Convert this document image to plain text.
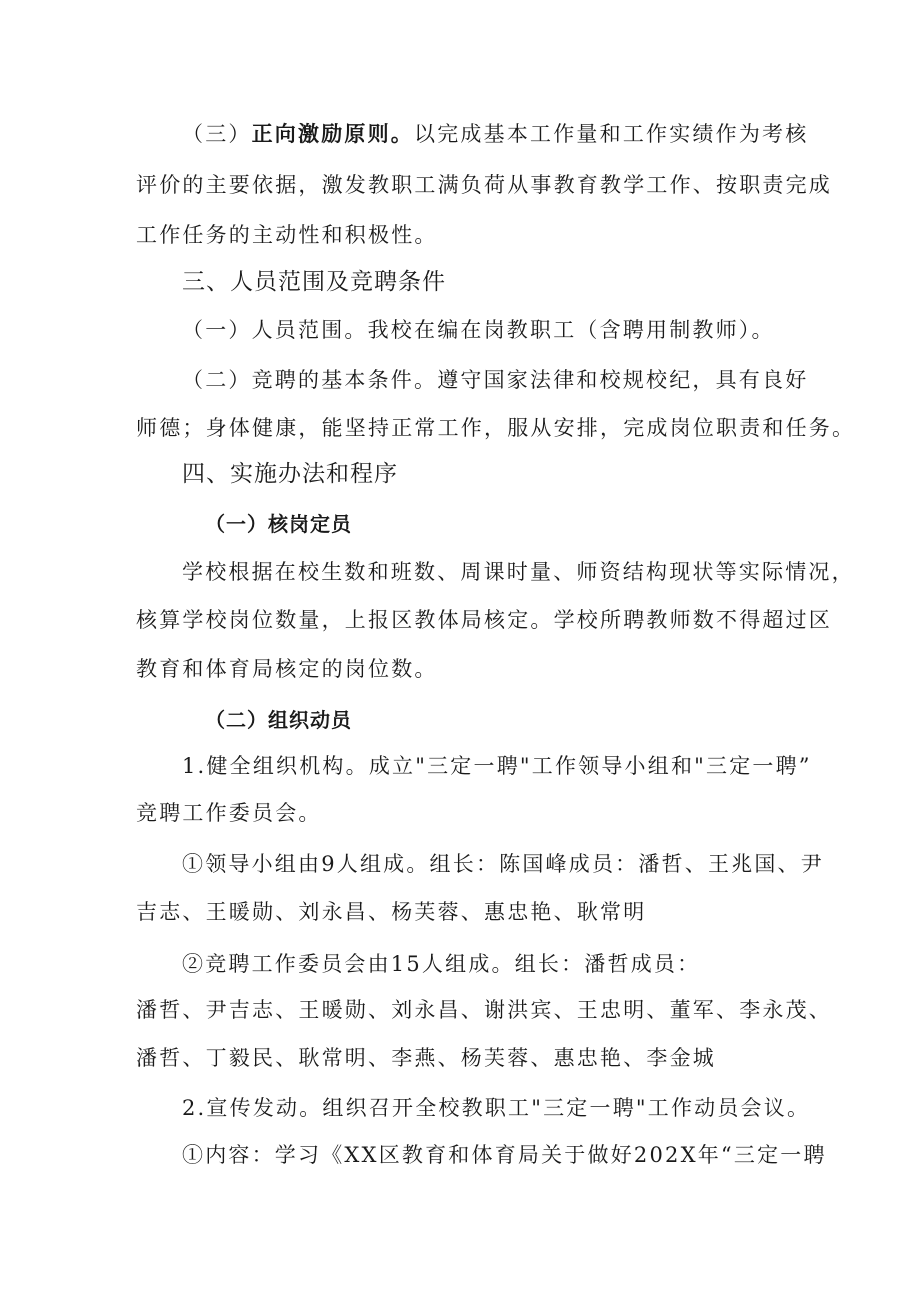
（三）正向激励原则。以完成基本工作量和工作实绩作为考核
评价的主要依据，激发教职工满负荷从事教育教学工作、按职责完成
工作任务的主动性和积极性。
三、人员范围及竞聘条件
（一）人员范围。我校在编在岗教职工（含聘用制教师）。
（二）竞聘的基本条件。遵守国家法律和校规校纪，具有良好
师德；身体健康，能坚持正常工作，服从安排，完成岗位职责和任务。
四、实施办法和程序
（一）核岗定员
学校根据在校生数和班数、周课时量、师资结构现状等实际情况，
核算学校岗位数量，上报区教体局核定。学校所聘教师数不得超过区
教育和体育局核定的岗位数。
（二）组织动员
1.健全组织机构。成立"三定一聘"工作领导小组和"三定一聘”
竞聘工作委员会。
①领导小组由9人组成。组长：陈国峰成员：潘哲、王兆国、尹
吉志、王暖勋、刘永昌、杨芙蓉、惠忠艳、耿常明
②竞聘工作委员会由15人组成。组长：潘哲成员：
潘哲、尹吉志、王暖勋、刘永昌、谢洪宾、王忠明、董军、李永茂、
潘哲、丁毅民、耿常明、李燕、杨芙蓉、惠忠艳、李金城
2.宣传发动。组织召开全校教职工"三定一聘"工作动员会议。
①内容：学习《XX区教育和体育局关于做好202X年“三定一聘
